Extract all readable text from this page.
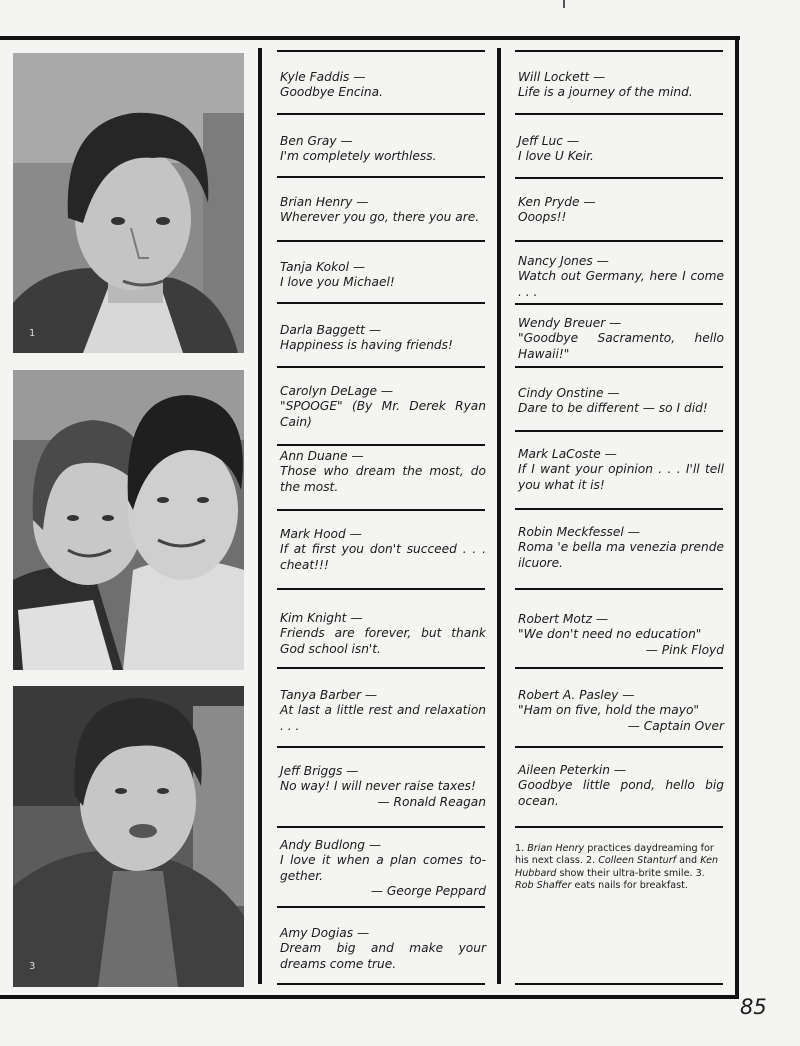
1
2
3
Kyle Faddis —
Goodbye Encina.
Ben Gray —
I'm completely worthless.
Brian Henry —
Wherever you go, there you are.
Tanja Kokol —
I love you Michael!
Darla Baggett —
Happiness is having friends!
Carolyn DeLage —
"SPOOGE" (By Mr. Derek Ryan Cain)
Ann Duane —
Those who dream the most, do the most.
Mark Hood —
If at first you don't succeed . . . cheat!!!
Kim Knight —
Friends are forever, but thank God school isn't.
Tanya Barber —
At last a little rest and relaxation . . .
Jeff Briggs —
No way! I will never raise taxes!
— Ronald Reagan
Andy Budlong —
I love it when a plan comes to-gether.
— George Peppard
Amy Dogias —
Dream big and make your dreams come true.
Will Lockett —
Life is a journey of the mind.
Jeff Luc —
I love U Keir.
Ken Pryde —
Ooops!!
Nancy Jones —
Watch out Germany, here I come . . .
Wendy Breuer —
"Goodbye Sacramento, hello Hawaii!"
Cindy Onstine —
Dare to be different — so I did!
Mark LaCoste —
If I want your opinion . . . I'll tell you what it is!
Robin Meckfessel —
Roma 'e bella ma venezia prende ilcuore.
Robert Motz —
"We don't need no education"
— Pink Floyd
Robert A. Pasley —
"Ham on five, hold the mayo"
— Captain Over
Aileen Peterkin —
Goodbye little pond, hello big ocean.
1. Brian Henry practices daydreaming for his next class. 2. Colleen Stanturf and Ken Hubbard show their ultra-brite smile. 3. Rob Shaffer eats nails for breakfast.
85
